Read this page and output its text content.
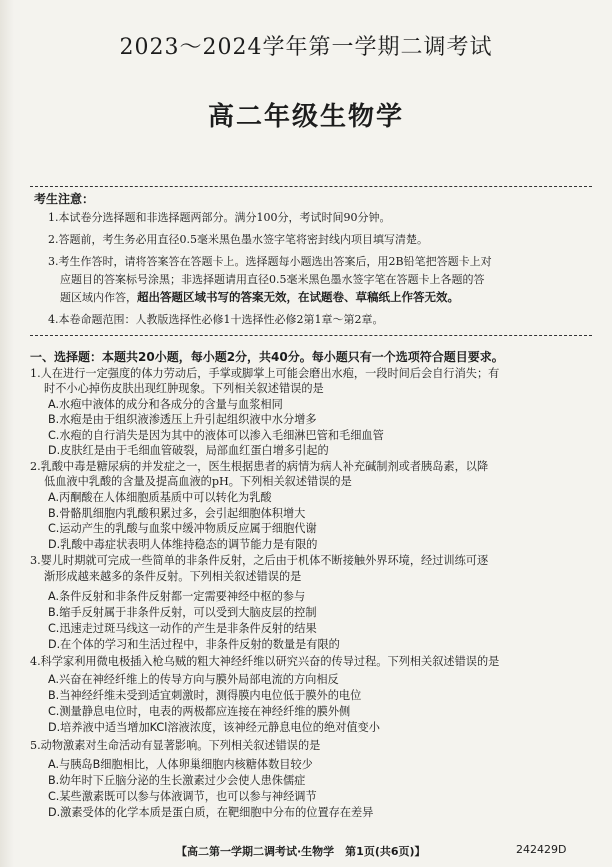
2023～2024学年第一学期二调考试
高二年级生物学
考生注意：
1.本试卷分选择题和非选择题两部分。满分100分，考试时间90分钟。
2.答题前，考生务必用直径0.5毫米黑色墨水签字笔将密封线内项目填写清楚。
3.考生作答时，请将答案答在答题卡上。选择题每小题选出答案后，用2B铅笔把答题卡上对
应题目的答案标号涂黑；非选择题请用直径0.5毫米黑色墨水签字笔在答题卡上各题的答
题区域内作答，超出答题区域书写的答案无效，在试题卷、草稿纸上作答无效。
4.本卷命题范围：人教版选择性必修1十选择性必修2第1章～第2章。
一、选择题：本题共20小题，每小题2分，共40分。每小题只有一个选项符合题目要求。
1.人在进行一定强度的体力劳动后，手掌或脚掌上可能会磨出水疱，一段时间后会自行消失；有
时不小心掉伤皮肤出现红肿现象。下列相关叙述错误的是
A.水疱中液体的成分和各成分的含量与血浆相同
B.水疱是由于组织液渗透压上升引起组织液中水分增多
C.水疱的自行消失是因为其中的液体可以渗入毛细淋巴管和毛细血管
D.皮肤红是由于毛细血管破裂，局部血红蛋白增多引起的
2.乳酸中毒是糖尿病的并发症之一，医生根据患者的病情为病人补充碱制剂或者胰岛素，以降
低血液中乳酸的含量及提高血液的pH。下列相关叙述错误的是
A.丙酮酸在人体细胞质基质中可以转化为乳酸
B.骨骼肌细胞内乳酸积累过多，会引起细胞体积增大
C.运动产生的乳酸与血浆中缓冲物质反应属于细胞代谢
D.乳酸中毒症状表明人体维持稳态的调节能力是有限的
3.婴儿时期就可完成一些简单的非条件反射，之后由于机体不断接触外界环境，经过训练可逐
渐形成越来越多的条件反射。下列相关叙述错误的是
A.条件反射和非条件反射都一定需要神经中枢的参与
B.缩手反射属于非条件反射，可以受到大脑皮层的控制
C.迅速走过斑马线这一动作的产生是非条件反射的结果
D.在个体的学习和生活过程中，非条件反射的数量是有限的
4.科学家利用微电极插入枪乌贼的粗大神经纤维以研究兴奋的传导过程。下列相关叙述错误的是
A.兴奋在神经纤维上的传导方向与膜外局部电流的方向相反
B.当神经纤维未受到适宜刺激时，测得膜内电位低于膜外的电位
C.测量静息电位时，电表的两极都应连接在神经纤维的膜外侧
D.培养液中适当增加KCl溶液浓度，该神经元静息电位的绝对值变小
5.动物激素对生命活动有显著影响。下列相关叙述错误的是
A.与胰岛B细胞相比，人体卵巢细胞内核糖体数目较少
B.幼年时下丘脑分泌的生长激素过少会使人患侏儒症
C.某些激素既可以参与体液调节，也可以参与神经调节
D.激素受体的化学本质是蛋白质，在靶细胞中分布的位置存在差异
【高二第一学期二调考试·生物学　第1页(共6页)】	242429D
